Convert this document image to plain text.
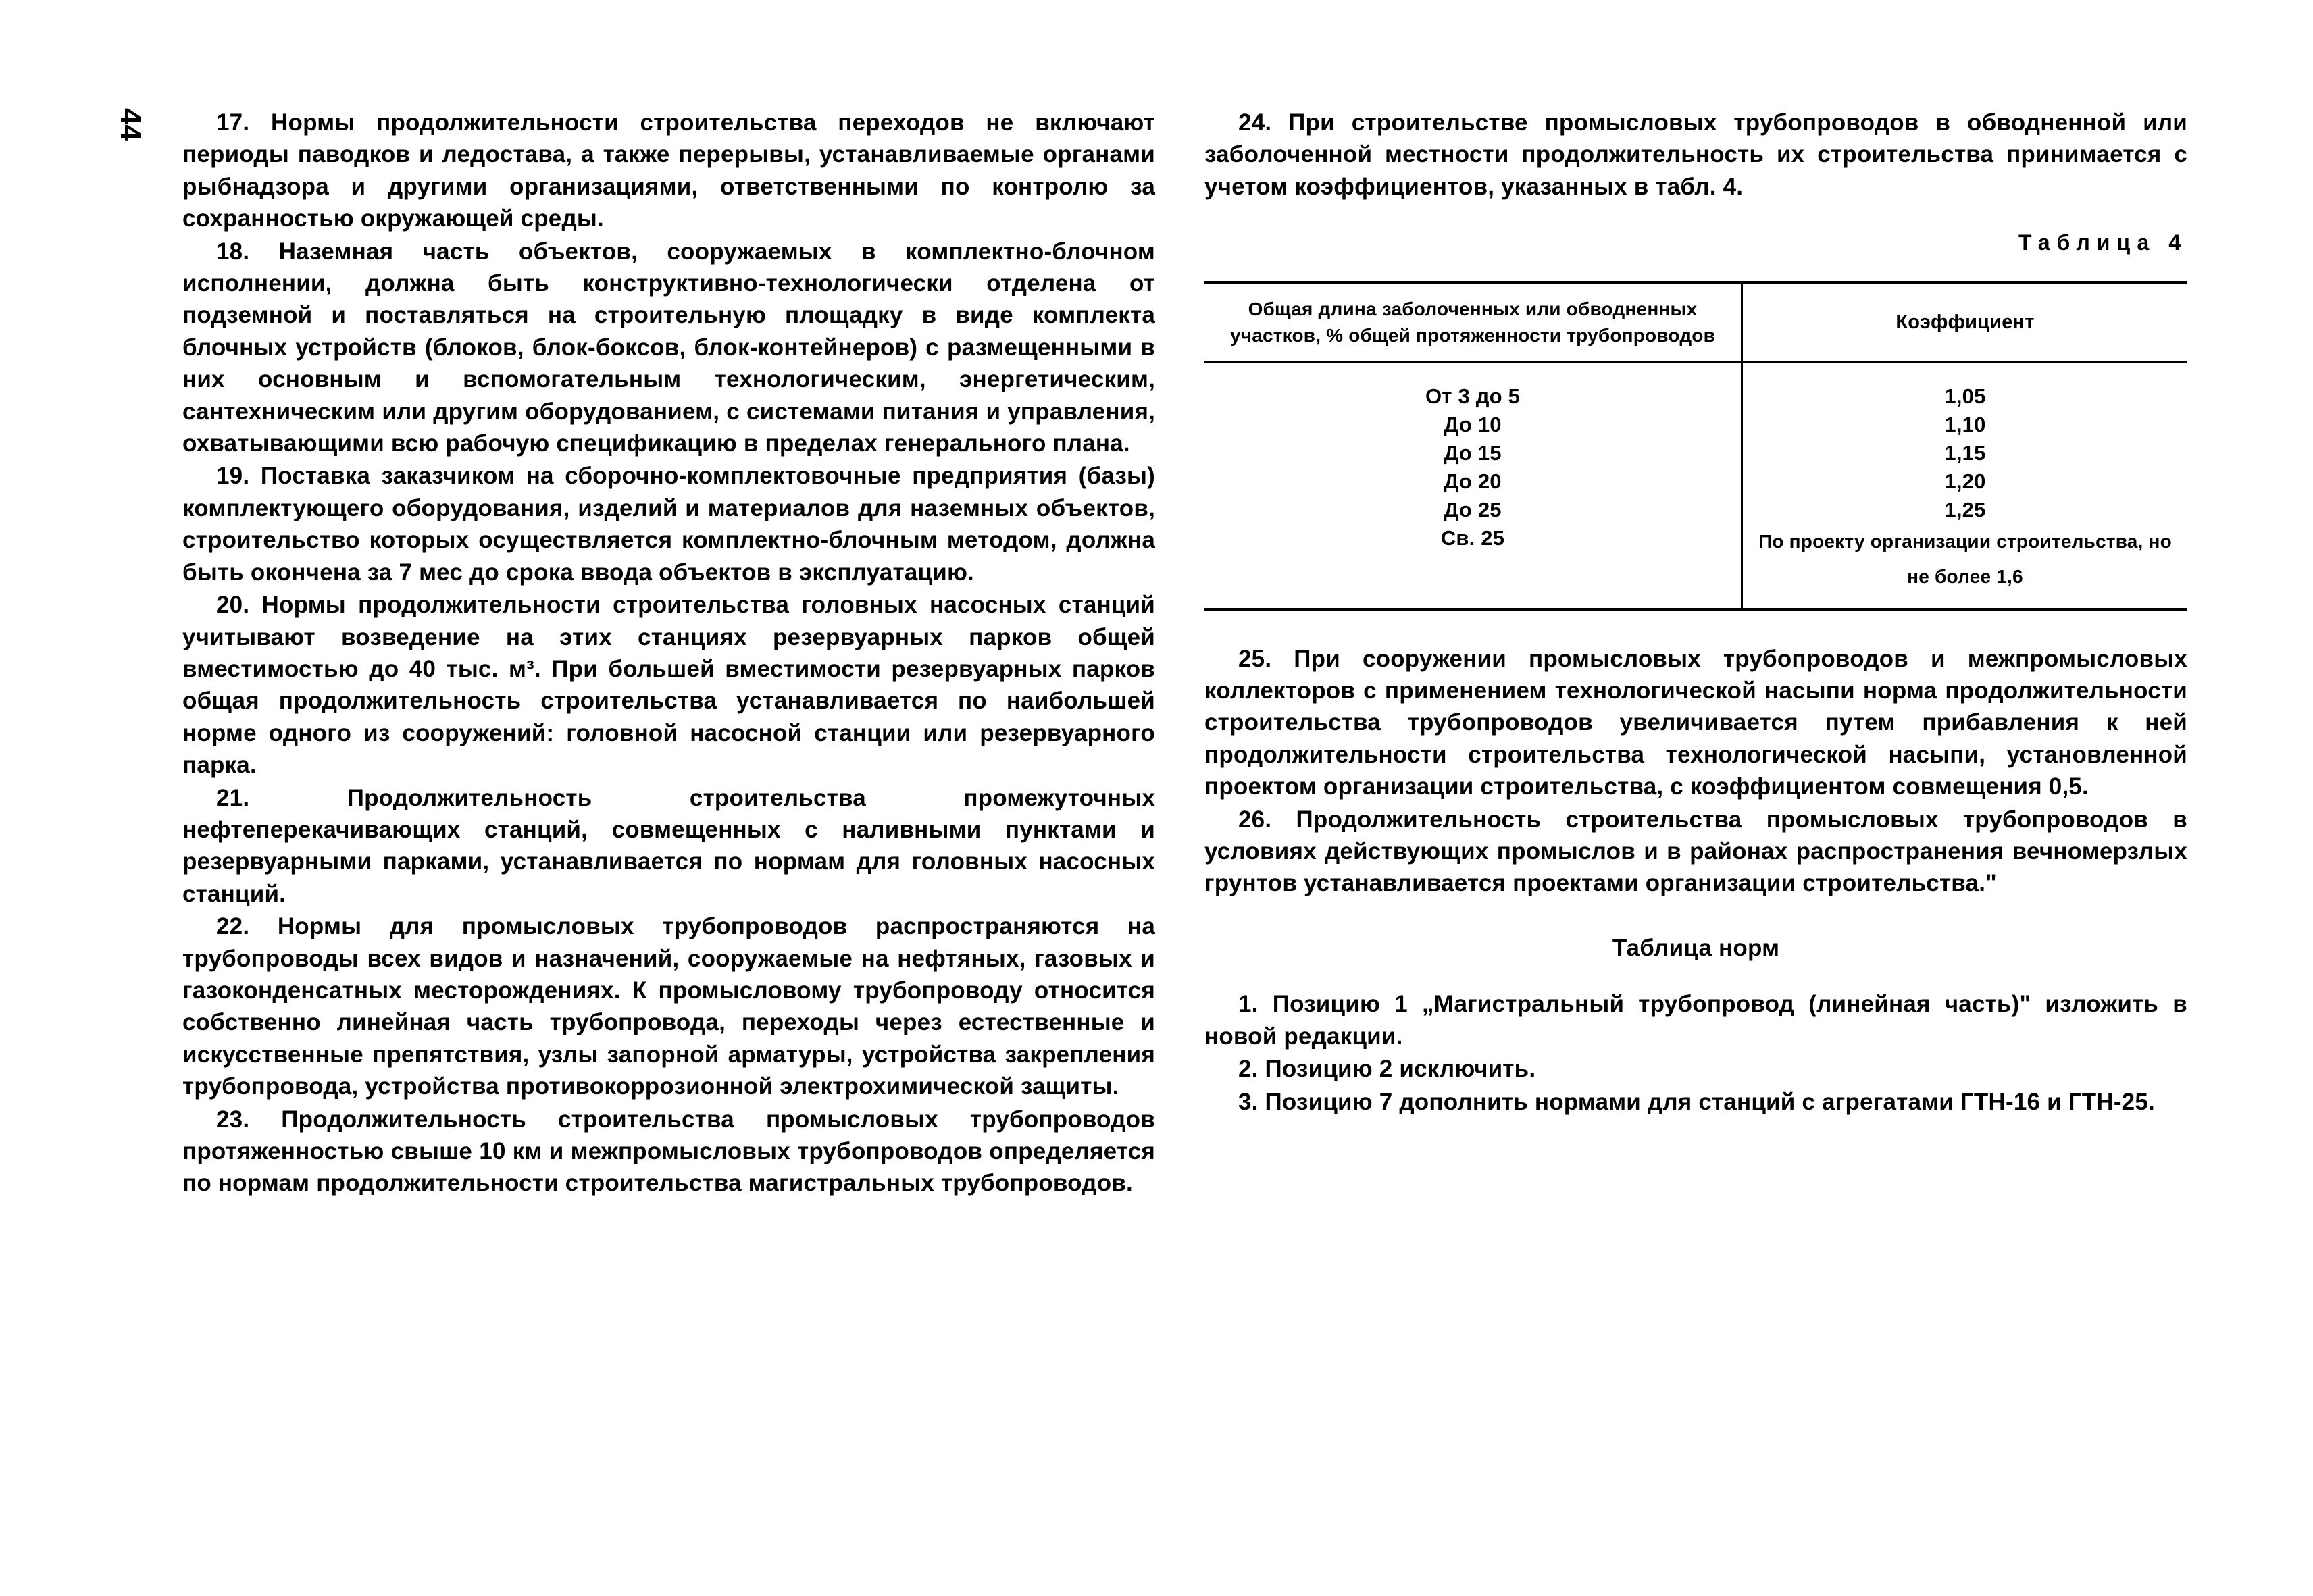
44	17. Нормы продолжительности строительства переходов не включают периоды паводков и ледостава, а также перерывы, устанавливаемые органами рыбнадзора и другими организациями, ответственными по контролю за сохранностью окружающей среды.

18. Наземная часть объектов, сооружаемых в комплектно-блочном исполнении, должна быть конструктивно-технологически отделена от подземной и поставляться на строительную площадку в виде комплекта блочных устройств (блоков, блок-боксов, блок-контейнеров) с размещенными в них основным и вспомогательным технологическим, энергетическим, сантехническим или другим оборудованием, с системами питания и управления, охватывающими всю рабочую спецификацию в пределах генерального плана.

19. Поставка заказчиком на сборочно-комплектовочные предприятия (базы) комплектующего оборудования, изделий и материалов для наземных объектов, строительство которых осуществляется комплектно-блочным методом, должна быть окончена за 7 мес до срока ввода объектов в эксплуатацию.

20. Нормы продолжительности строительства головных насосных станций учитывают возведение на этих станциях резервуарных парков общей вместимостью до 40 тыс. м³. При большей вместимости резервуарных парков общая продолжительность строительства устанавливается по наибольшей норме одного из сооружений: головной насосной станции или резервуарного парка.

21.	Продолжительность строительства промежуточных нефтеперекачивающих станций, совмещенных с наливными пунктами и резервуарными парками, устанавливается по нормам для головных насосных станций.

22. Нормы для промысловых трубопроводов распространяются на трубопроводы всех видов и назначений, сооружаемые на нефтяных, газовых и газоконденсатных месторождениях. К промысловому трубопроводу относится собственно линейная часть трубопровода, переходы через естественные и искусственные препятствия, узлы запорной арматуры, устройства закрепления трубопровода, устройства противокоррозионной электрохимической защиты.

23. Продолжительность строительства промысловых трубопроводов протяженностью свыше 10 км и межпромысловых трубопроводов определяется по нормам продолжительности строительства магистральных трубопроводов.

24. При строительстве промысловых трубопроводов в обводненной или заболоченной местности продолжительность их строительства принимается с учетом коэффициентов, указанных в табл. 4.

Таблица 4
Общая длина заболоченных или обводненных участков, % общей протяженности трубопроводов	Коэффициент
От 3 до 5	1,05
До 10	1,10
До 15	1,15
До 20	1,20
До 25	1,25
Св. 25	По проекту организации строительства, но не более 1,6

25. При сооружении промысловых трубопроводов и межпромысловых коллекторов с применением технологической насыпи норма продолжительности строительства трубопроводов увеличивается путем прибавления к ней продолжительности строительства технологической насыпи, установленной проектом организации строительства, с коэффициентом совмещения 0,5.

26. Продолжительность строительства промысловых трубопроводов в условиях действующих промыслов и в районах распространения вечномерзлых грунтов устанавливается проектами организации строительства."

Таблица норм

1. Позицию 1 „Магистральный трубопровод (линейная часть)" изложить в новой редакции.

2. Позицию 2 исключить.

3. Позицию 7 дополнить нормами для станций с агрегатами ГТН-16 и ГТН-25.
